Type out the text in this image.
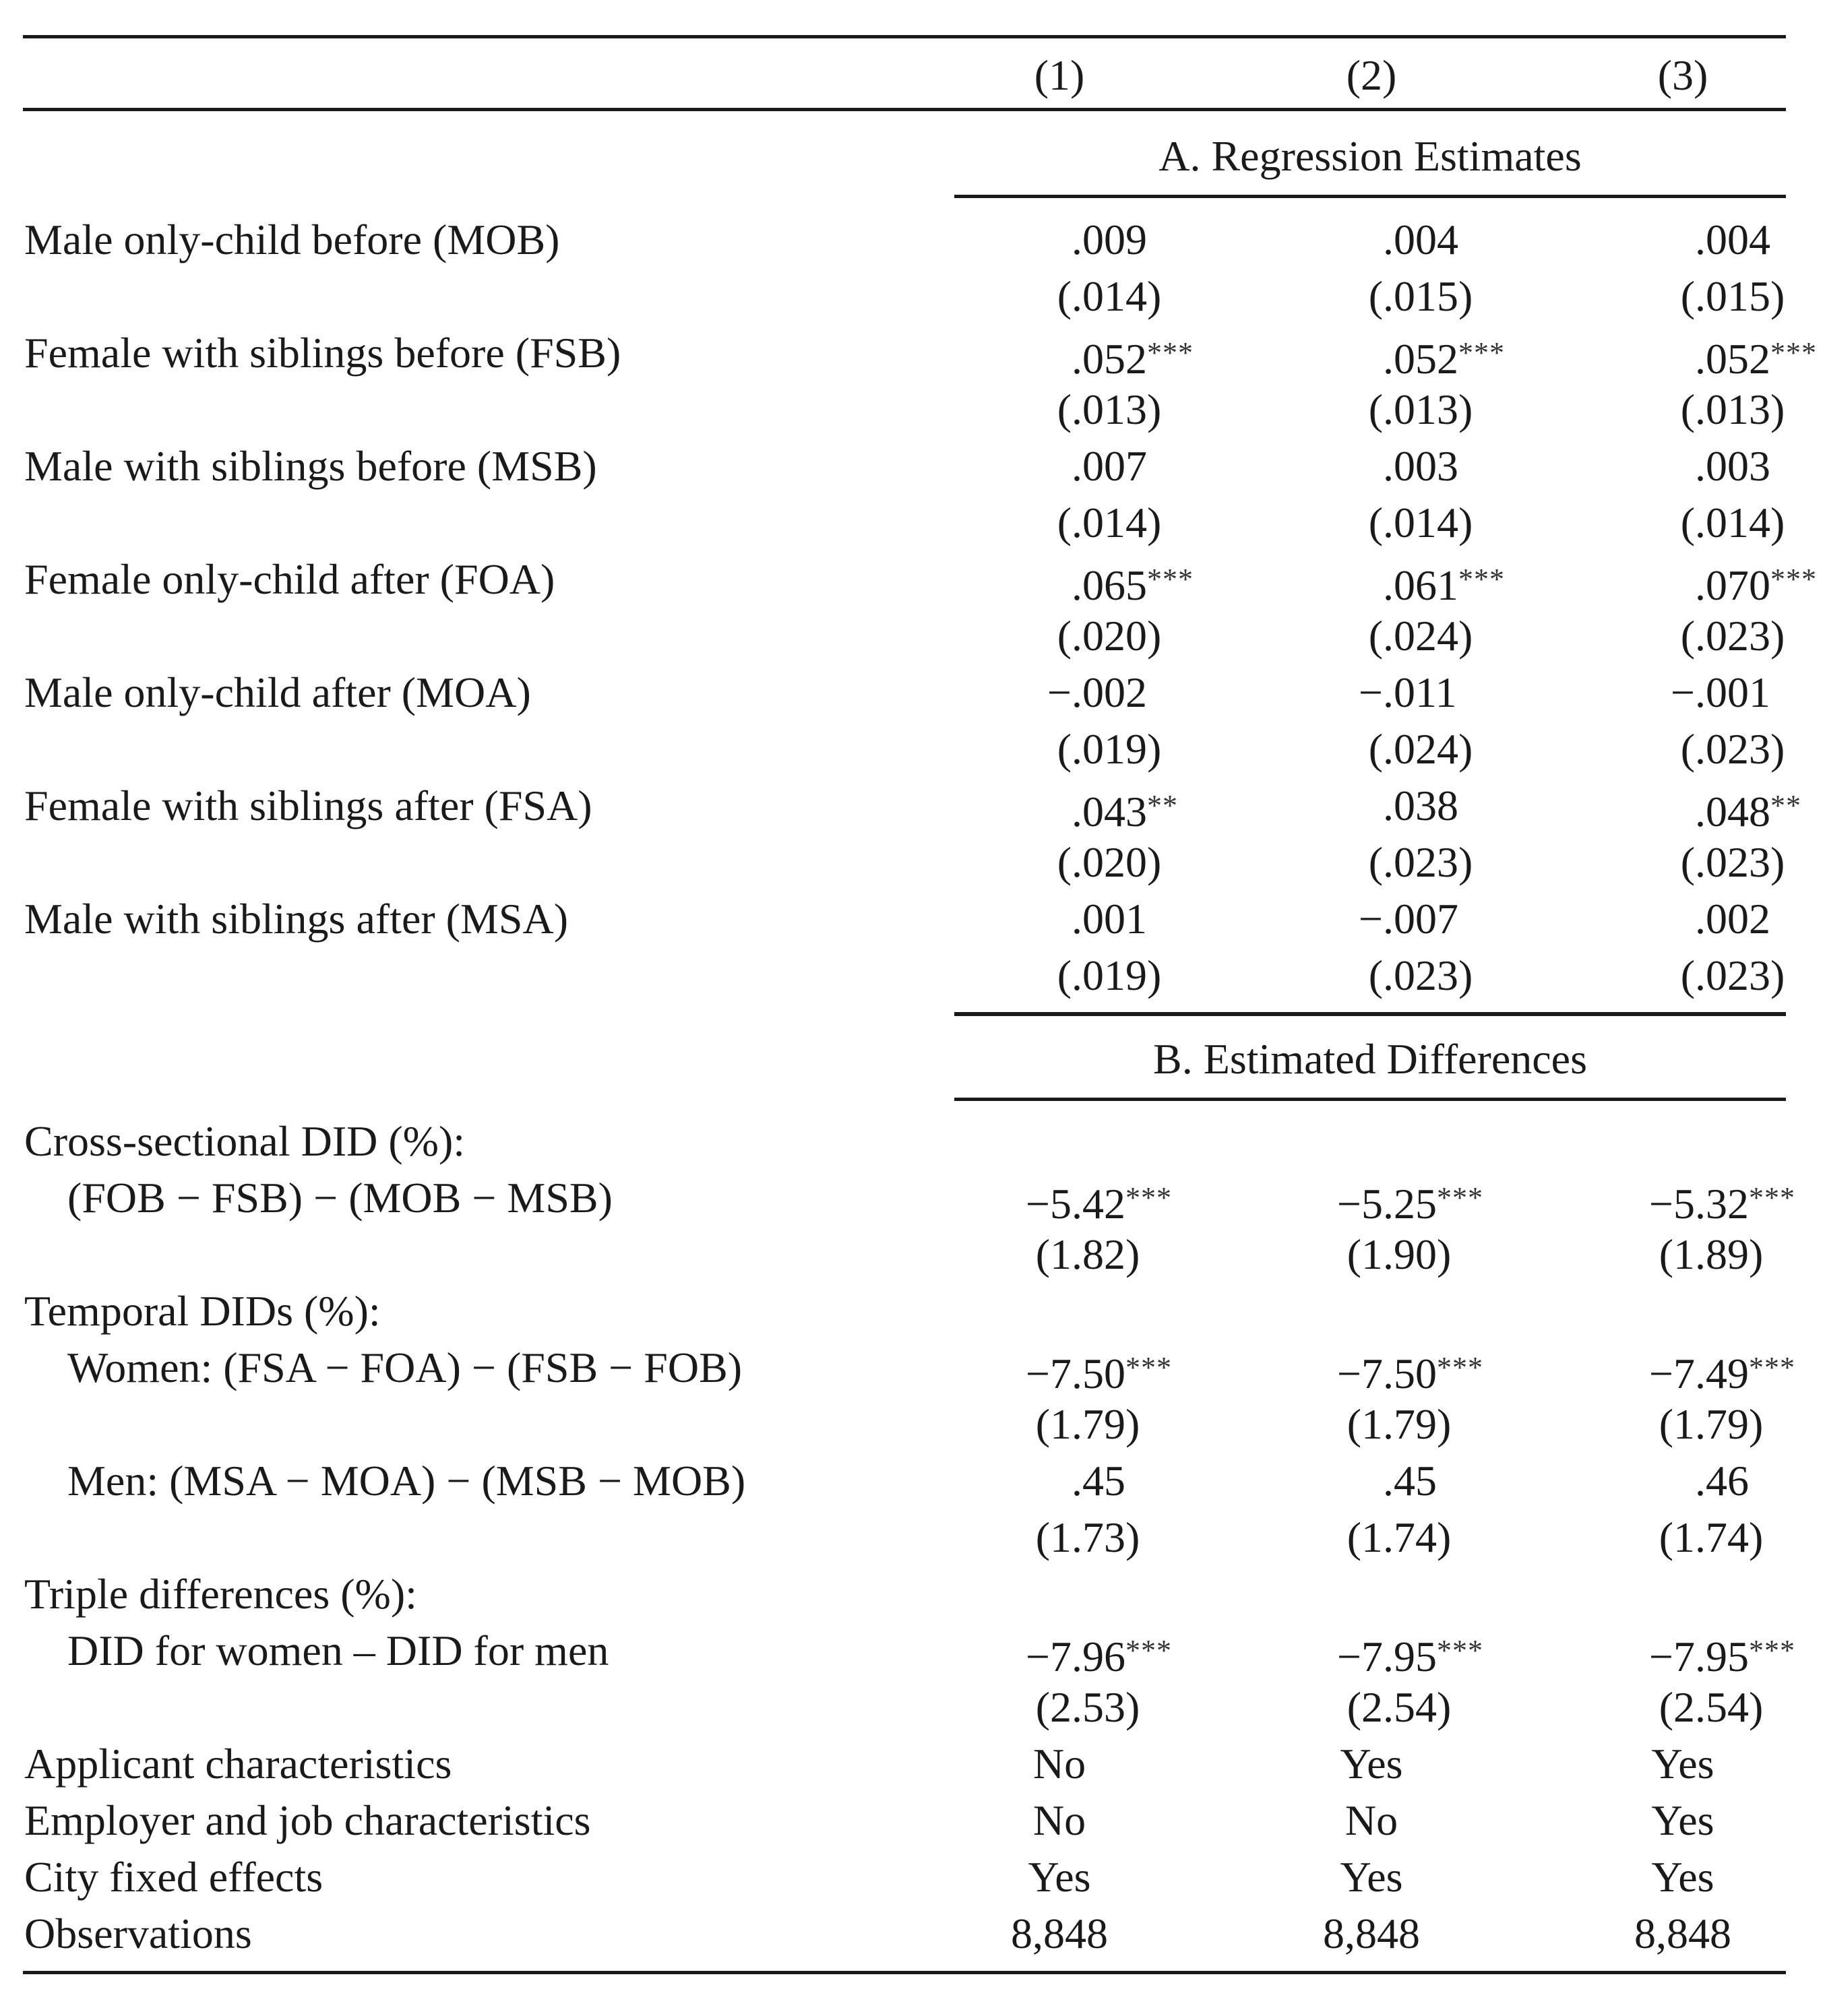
(1)	(2)	(3)
A. Regression Estimates
Male only-child before (MOB)	.009	.004	.004
(.014)	(.015)	(.015)
Female with siblings before (FSB)	.052***	.052***	.052***
(.013)	(.013)	(.013)
Male with siblings before (MSB)	.007	.003	.003
(.014)	(.014)	(.014)
Female only-child after (FOA)	.065***	.061***	.070***
(.020)	(.024)	(.023)
Male only-child after (MOA)	−.002	−.011	−.001
(.019)	(.024)	(.023)
Female with siblings after (FSA)	.043**	.038	.048**
(.020)	(.023)	(.023)
Male with siblings after (MSA)	.001	−.007	.002
(.019)	(.023)	(.023)
B. Estimated Differences
Cross-sectional DID (%):
(FOB − FSB) − (MOB − MSB)	−5.42***	−5.25***	−5.32***
(1.82)	(1.90)	(1.89)
Temporal DIDs (%):
Women: (FSA − FOA) − (FSB − FOB)	−7.50***	−7.50***	−7.49***
(1.79)	(1.79)	(1.79)
Men: (MSA − MOA) − (MSB − MOB)	.45	.45	.46
(1.73)	(1.74)	(1.74)
Triple differences (%):
DID for women – DID for men	−7.96***	−7.95***	−7.95***
(2.53)	(2.54)	(2.54)
Applicant characteristics	No	Yes	Yes
Employer and job characteristics	No	No	Yes
City fixed effects	Yes	Yes	Yes
Observations	8,848	8,848	8,848
